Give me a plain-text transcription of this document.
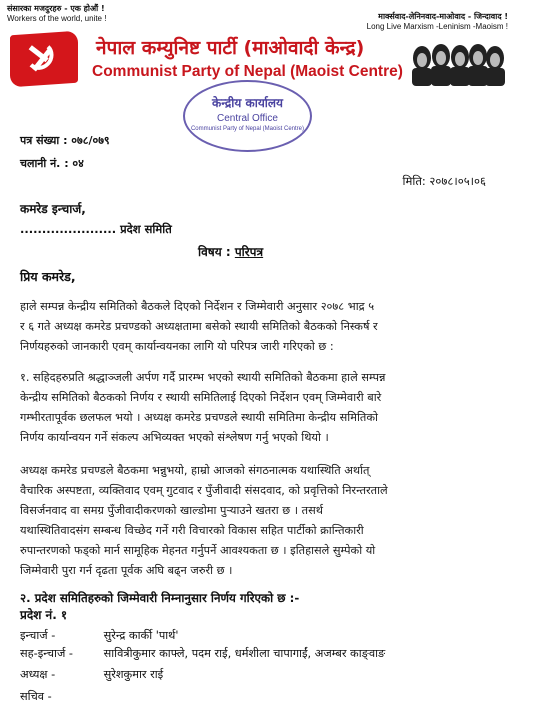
संसारका मजदुरहरु - एक होऔं !
Workers of the world, unite !	मार्क्सवाद-लेनिनवाद-माओवाद - जिन्दावाद !
Long Live Marxism -Leninism -Maoism !
नेपाल कम्युनिष्ट पार्टी (माओवादी केन्द्र)
Communist Party of Nepal (Maoist Centre)
केन्द्रीय कार्यालय
Central Office
Communist Party of Nepal (Maoist Centre)
पत्र संख्या : ०७८/०७९
चलानी नं. : ०४
मिति: २०७८।०५।०६
कमरेड इन्चार्ज,
...................... प्रदेश समिति
विषय : परिपत्र
प्रिय कमरेड,
हाले सम्पन्न केन्द्रीय समितिको बैठकले दिएको निर्देशन र जिम्मेवारी अनुसार २०७८ भाद्र ५
र ६ गते अध्यक्ष कमरेड प्रचण्डको अध्यक्षतामा बसेको स्थायी समितिको बैठकको निस्कर्ष र
निर्णयहरुको जानकारी एवम् कार्यान्वयनका लागि यो परिपत्र जारी गरिएको छ :
१. सहिदहरुप्रति श्रद्धाञ्जली अर्पण गर्दै प्रारम्भ भएको स्थायी समितिको बैठकमा हाले सम्पन्न
केन्द्रीय समितिको बैठकको निर्णय र स्थायी समितिलाई दिएको निर्देशन एवम् जिम्मेवारी बारे
गम्भीरतापूर्वक छलफल भयो । अध्यक्ष कमरेड प्रचण्डले स्थायी समितिमा केन्द्रीय समितिको
निर्णय कार्यान्वयन गर्ने संकल्प अभिव्यक्त भएको संश्लेषण गर्नु भएको थियो ।
अध्यक्ष कमरेड प्रचण्डले बैठकमा भन्नुभयो, हाम्रो आजको संगठनात्मक यथास्थिति अर्थात्
वैचारिक अस्पष्टता, व्यक्तिवाद एवम् गुटवाद र पुँजीवादी संसदवाद, को प्रवृत्तिको निरन्तरताले
विसर्जनवाद वा समग्र पुँजीवादीकरणको खाल्डोमा पुऱ्याउने खतरा छ । तसर्थ
यथास्थितिवादसंग सम्बन्ध विच्छेद गर्ने गरी विचारको विकास सहित पार्टीको क्रान्तिकारी
रुपान्तरणको फड्को मार्न सामूहिक मेहनत गर्नुपर्ने आवश्यकता छ । इतिहासले सुम्पेको यो
जिम्मेवारी पुरा गर्न दृढता पूर्वक अघि बढ्न जरुरी छ ।
२. प्रदेश समितिहरुको जिम्मेवारी निम्नानुसार निर्णय गरिएको छ :-
प्रदेश नं. १
इन्चार्ज -	सुरेन्द्र कार्की 'पार्थ'
सह-इन्चार्ज -	सावित्रीकुमार काफ्ले, पदम राई, धर्मशीला चापागाईं, अजम्बर काङ्वाङ
अध्यक्ष -	सुरेशकुमार राई
सचिव -
